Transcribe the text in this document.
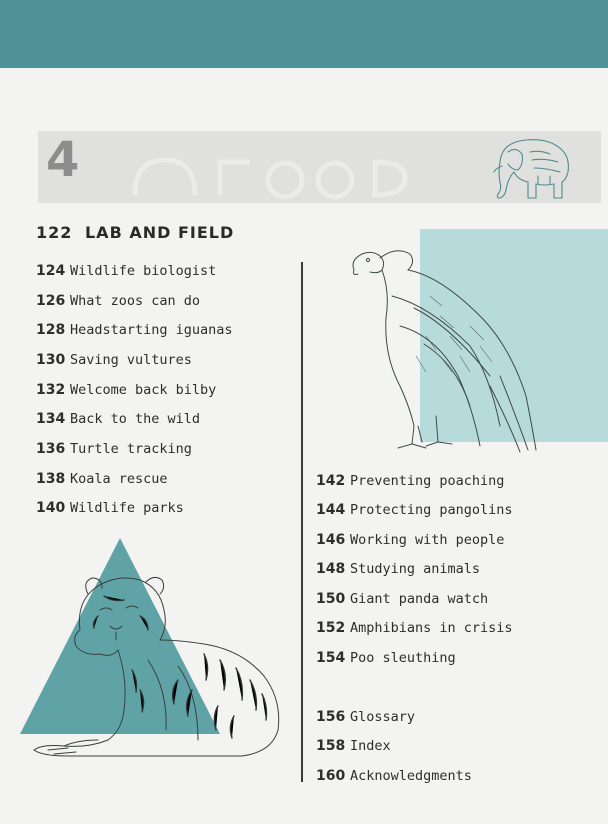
4
122 LAB AND FIELD
124 Wildlife biologist
126 What zoos can do
128 Headstarting iguanas
130 Saving vultures
132 Welcome back bilby
134 Back to the wild
136 Turtle tracking
138 Koala rescue
140 Wildlife parks
142 Preventing poaching
144 Protecting pangolins
146 Working with people
148 Studying animals
150 Giant panda watch
152 Amphibians in crisis
154 Poo sleuthing
156 Glossary
158 Index
160 Acknowledgments
